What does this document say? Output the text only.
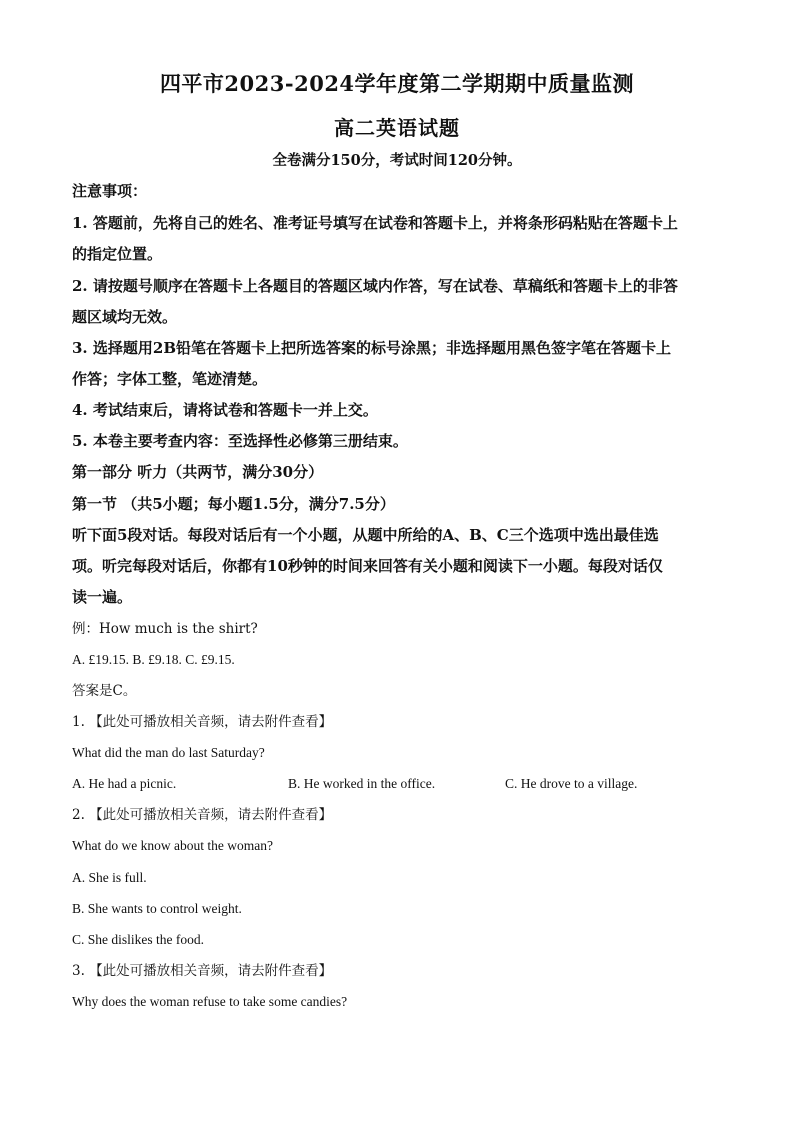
四平市2023-2024学年度第二学期期中质量监测
高二英语试题
全卷满分150分，考试时间120分钟。
注意事项：
1. 答题前，先将自己的姓名、准考证号填写在试卷和答题卡上，并将条形码粘贴在答题卡上
的指定位置。
2. 请按题号顺序在答题卡上各题目的答题区域内作答，写在试卷、草稿纸和答题卡上的非答
题区域均无效。
3. 选择题用2B铅笔在答题卡上把所选答案的标号涂黑；非选择题用黑色签字笔在答题卡上
作答；字体工整，笔迹清楚。
4. 考试结束后，请将试卷和答题卡一并上交。
5. 本卷主要考查内容：至选择性必修第三册结束。
第一部分 听力（共两节，满分30分）
第一节 （共5小题；每小题1.5分，满分7.5分）
听下面5段对话。每段对话后有一个小题，从题中所给的A、B、C三个选项中选出最佳选
项。听完每段对话后，你都有10秒钟的时间来回答有关小题和阅读下一小题。每段对话仅
读一遍。
例：How much is the shirt?
A. £19.15. B. £9.18. C. £9.15.
答案是C。
1. 【此处可播放相关音频，请去附件查看】
What did the man do last Saturday?
A. He had a picnic.	B. He worked in the office.	C. He drove to a village.
2. 【此处可播放相关音频，请去附件查看】
What do we know about the woman?
A. She is full.
B. She wants to control weight.
C. She dislikes the food.
3. 【此处可播放相关音频，请去附件查看】
Why does the woman refuse to take some candies?
